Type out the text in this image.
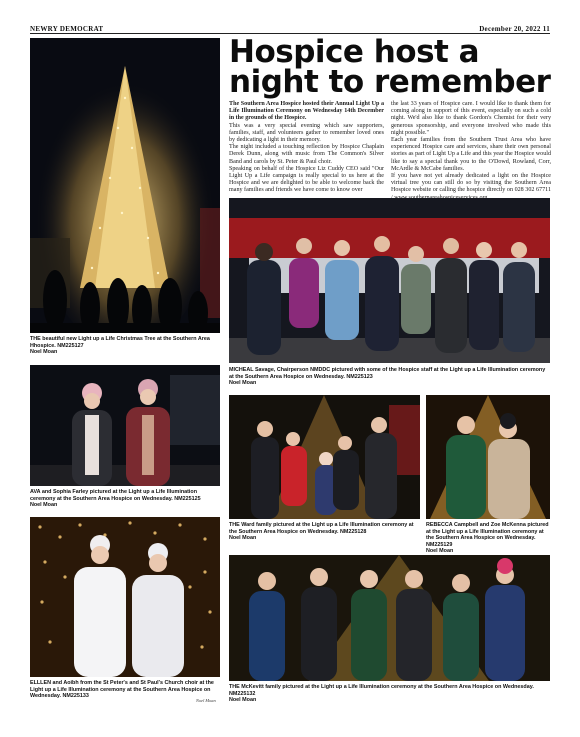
NEWRY DEMOCRAT	December 20, 2022 11
THE beautiful new Light up a Life Christmas Tree at the Southern Area Hhospice. NM225127
Noel Moan
Hospice host a night to remember

The Southern Area Hospice hosted their Annual Light Up a Life Illumination Ceremony on Wednesday 14th December in the grounds of the Hospice.

This was a very special evening which saw supporters, families, staff, and volunteers gather to remember loved ones by dedicating a light in their memory.

The night included a touching reflection by Hospice Chaplain Derek Dunn, along with music from The Common's Silver Band and carols by St. Peter & Paul choir.

Speaking on behalf of the Hospice Liz Cuddy CEO said "Our Light Up a Life campaign is really special to us here at the Hospice and we are delighted to be able to welcome back the many families and friends we have come to know over

the last 33 years of Hospice care. I would like to thank them for coming along in support of this event, especially on such a cold night. We'd also like to thank Gordon's Chemist for their very generous sponsorship, and everyone involved who made this night possible."

Each year families from the Southern Trust Area who have experienced Hospice care and services, share their own personal stories as part of Light Up a Life and this year the Hospice would like to say a special thank you to the O'Dowd, Rowland, Corr, McArdle & McCabe families.

If you have not yet already dedicated a light on the Hospice virtual tree you can still do so by visiting the Southern Area Hospice website or calling the hospice directly on 028 302 67711

MICHEAL Savage, Chairperson NMDDC pictured with some of the Hospice staff at the Light up a Life Illumination ceremony at the Southern Area Hospice on Wednesday. NM225123
Noel Moan
AVA and Sophia Farley pictured at the Light up a Life Illumination ceremony at the Southern Area Hospice on Wednesday. NM225125
Noel Moan
THE Ward family pictured at the Light up a Life Illumination ceremony at the Southern Area Hospice on Wednesday. NM225128
Noel Moan
REBECCA Campbell and Zoe McKenna pictured at the Light up a Life Illumination ceremony at the Southern Area Hospice on Wednesday. NM225129
Noel Moan
ELLLEN and Aoibh from the St Peter's and St Paul's Church choir at the Light up a Life Illumination ceremony at the Southern Area Hospice on Wednesday. NM225133
Noel Moan
THE McKevitt family pictured at the Light up a Life Illumination ceremony at the Southern Area Hospice on Wednesday. NM225132
Noel Moan
